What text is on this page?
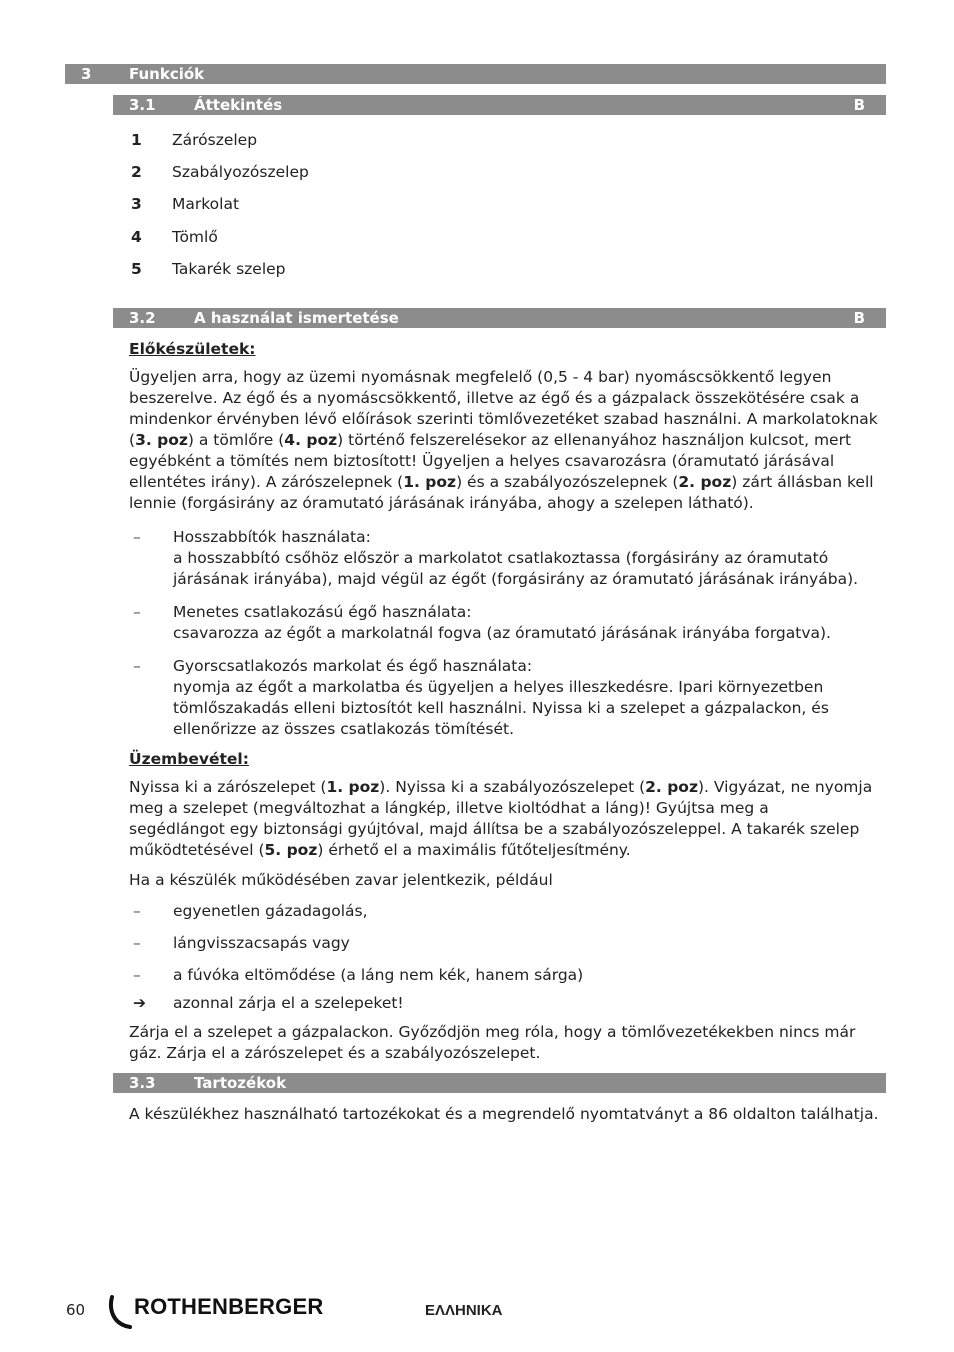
3	Funkciók
3.1	Áttekintés	B
1 Zárószelep
2 Szabályozószelep
3 Markolat
4 Tömlő
5 Takarék szelep
3.2	A használat ismertetése	B
Előkészületek:

Ügyeljen arra, hogy az üzemi nyomásnak megfelelő (0,5 - 4 bar) nyomáscsökkentő legyen

beszerelve. Az égő és a nyomáscsökkentő, illetve az égő és a gázpalack összekötésére csak a

mindenkor érvényben lévő előírások szerinti tömlővezetéket szabad használni. A markolatoknak

(3. poz) a tömlőre (4. poz) történő felszerelésekor az ellenanyához használjon kulcsot, mert

egyébként a tömítés nem biztosított! Ügyeljen a helyes csavarozásra (óramutató járásával

ellentétes irány). A zárószelepnek (1. poz) és a szabályozószelepnek (2. poz) zárt állásban kell

lennie (forgásirány az óramutató járásának irányába, ahogy a szelepen látható).

– Hosszabbítók használata:
a hosszabbító csőhöz először a markolatot csatlakoztassa (forgásirány az óramutató
járásának irányába), majd végül az égőt (forgásirány az óramutató járásának irányába).
– Menetes csatlakozású égő használata:
csavarozza az égőt a markolatnál fogva (az óramutató járásának irányába forgatva).
– Gyorscsatlakozós markolat és égő használata:
nyomja az égőt a markolatba és ügyeljen a helyes illeszkedésre. Ipari környezetben
tömlőszakadás elleni biztosítót kell használni. Nyissa ki a szelepet a gázpalackon, és
ellenőrizze az összes csatlakozás tömítését.
Üzembevétel:

Nyissa ki a zárószelepet (1. poz). Nyissa ki a szabályozószelepet (2. poz). Vigyázat, ne nyomja

meg a szelepet (megváltozhat a lángkép, illetve kioltódhat a láng)! Gyújtsa meg a

segédlángot egy biztonsági gyújtóval, majd állítsa be a szabályozószeleppel. A takarék szelep

működtetésével (5. poz) érhető el a maximális fűtőteljesítmény.

Ha a készülék működésében zavar jelentkezik, például

– egyenetlen gázadagolás,
– lángvisszacsapás vagy
– a fúvóka eltömődése (a láng nem kék, hanem sárga)
➔ azonnal zárja el a szelepeket!

Zárja el a szelepet a gázpalackon. Győződjön meg róla, hogy a tömlővezetékekben nincs már

gáz. Zárja el a zárószelepet és a szabályozószelepet.

3.3	Tartozékok

A készülékhez használható tartozékokat és a megrendelő nyomtatványt a 86 oldalton találhatja.

60 ROTHENBERGER	ΕΛΛΗΝΙΚΑ
